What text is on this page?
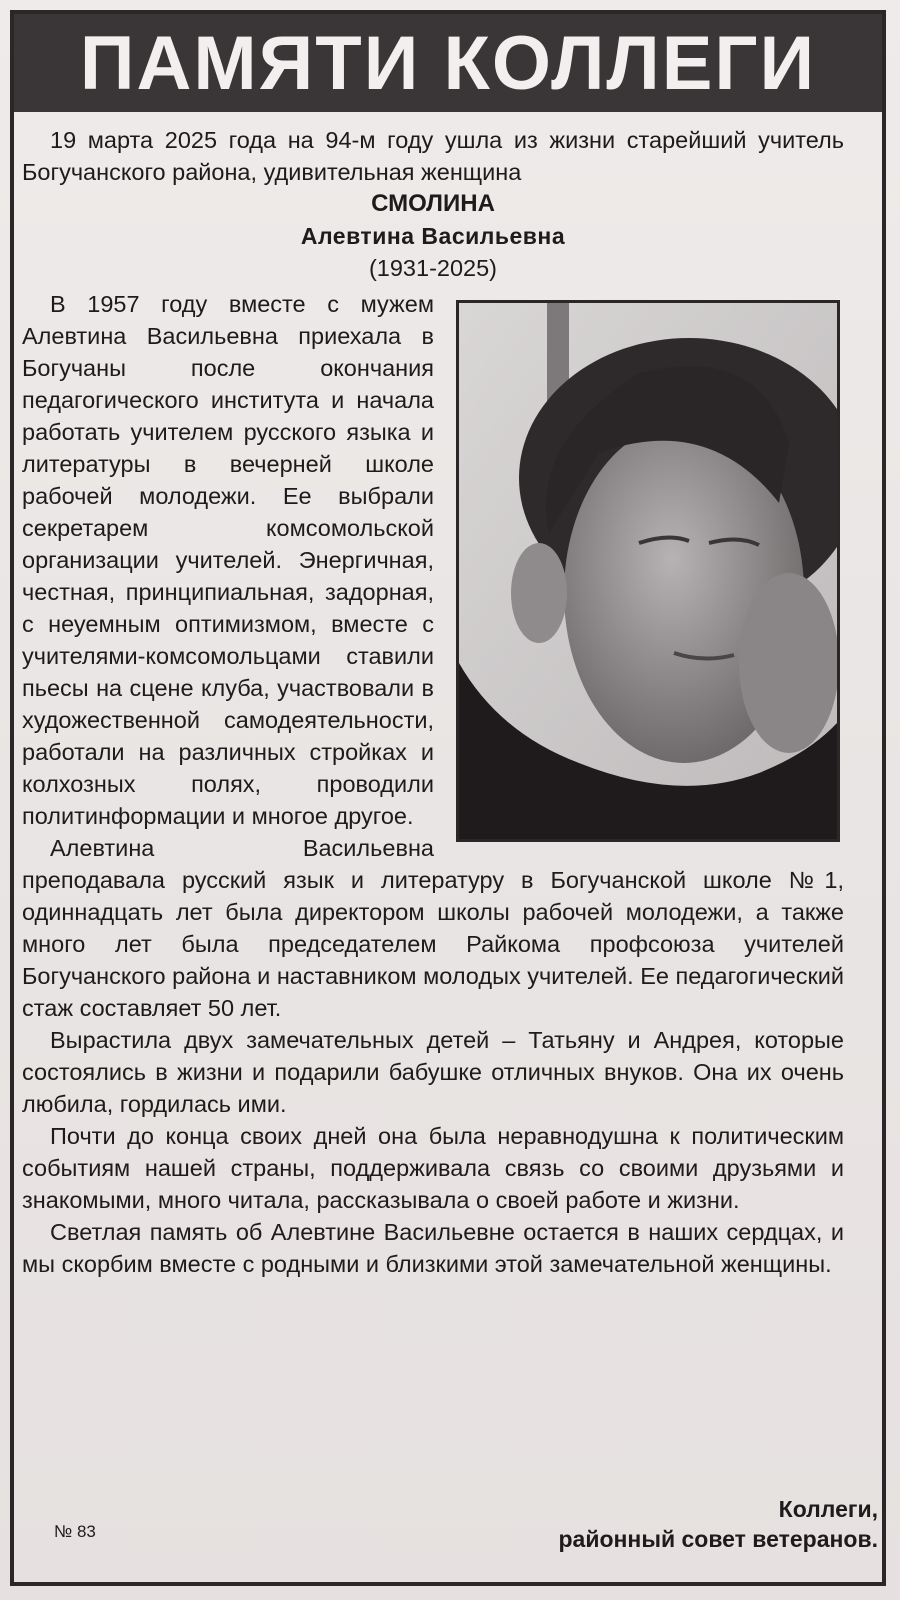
ПАМЯТИ КОЛЛЕГИ

19 марта 2025 года на 94-м году ушла из жизни старейший учитель Богучанского района, удивительная женщина

СМОЛИНА

Алевтина Васильевна

(1931-2025)

В 1957 году вместе с мужем Алевтина Васильевна приехала в Богучаны после окончания педагогического института и начала работать учителем русского языка и литературы в вечерней школе рабочей молодежи. Ее выбрали секретарем комсомольской организации учителей. Энергичная, честная, принципиальная, задорная, с неуемным оптимизмом, вместе с учителями-комсомольцами ставили пьесы на сцене клуба, участвовали в художественной самодеятельности, работали на различных стройках и колхозных полях, проводили политинформации и многое другое.

Алевтина Васильевна преподавала русский язык и литературу в Богучанской школе №1, одиннадцать лет была директором школы рабочей молодежи, а также много лет была председателем Райкома профсоюза учителей Богучанского района и наставником молодых учителей. Ее педагогический стаж составляет 50 лет.

Вырастила двух замечательных детей – Татьяну и Андрея, которые состоялись в жизни и подарили бабушке отличных внуков. Она их очень любила, гордилась ими.

Почти до конца своих дней она была неравнодушна к политическим событиям нашей страны, поддерживала связь со своими друзьями и знакомыми, много читала, рассказывала о своей работе и жизни.

Светлая память об Алевтине Васильевне остается в наших сердцах, и мы скорбим вместе с родными и близкими этой замечательной женщины.

Коллеги,
районный совет ветеранов.
№ 83
